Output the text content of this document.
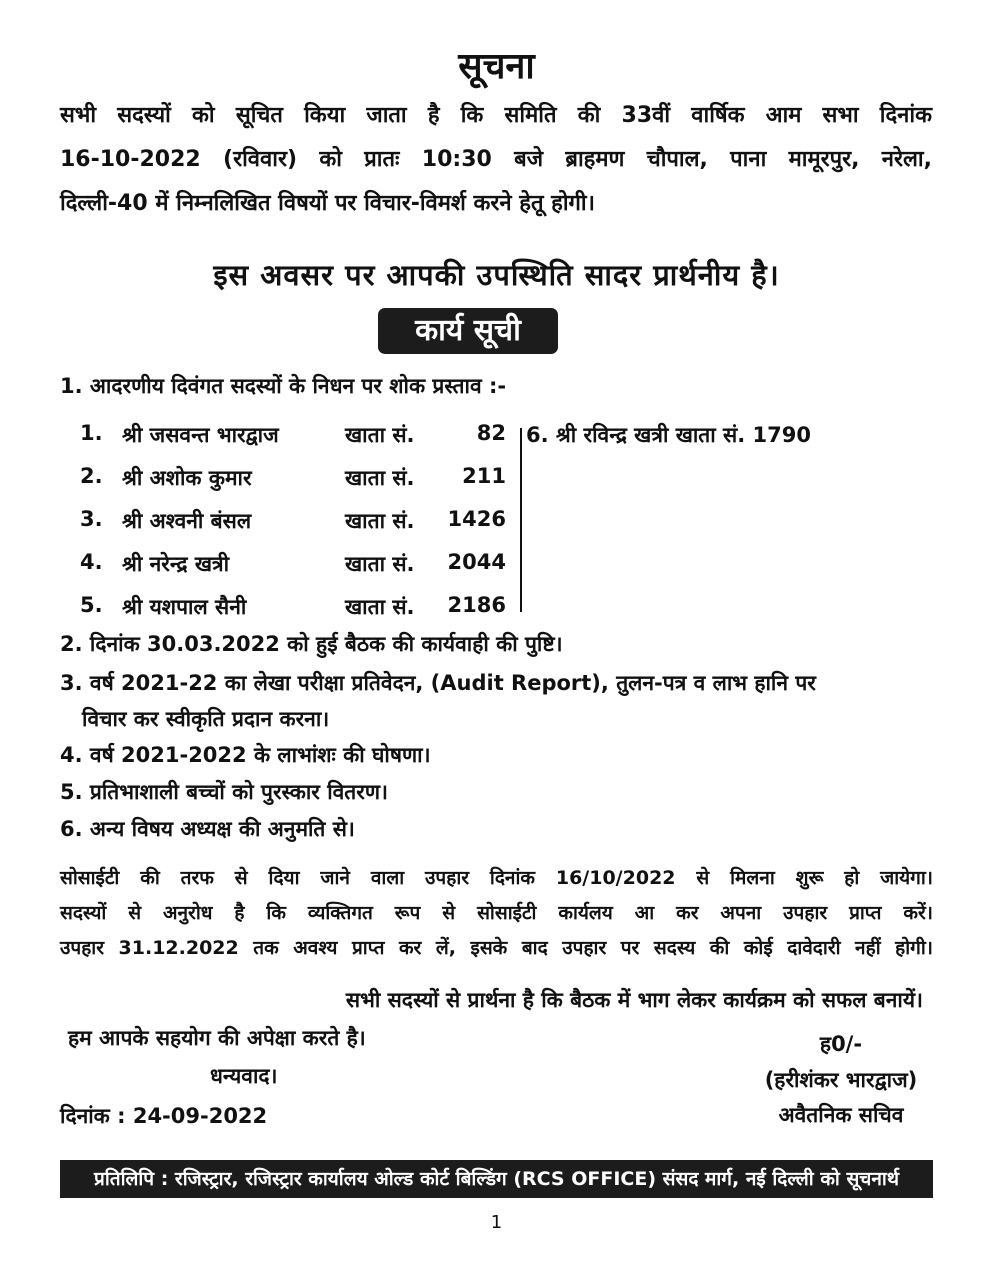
सूचना
सभी सदस्यों को सूचित किया जाता है कि समिति की 33वीं वार्षिक आम सभा दिनांक
16-10-2022 (रविवार) को प्रातः 10:30 बजे ब्राहमण चौपाल, पाना मामूरपुर, नरेला,
दिल्ली-40 में निम्नलिखित विषयों पर विचार-विमर्श करने हेतू होगी।
इस अवसर पर आपकी उपस्थिति सादर प्रार्थनीय है।
कार्य सूची
1. आदरणीय दिवंगत सदस्यों के निधन पर शोक प्रस्ताव :-
1. श्री जसवन्त भारद्वाज	खाता सं.	82
2. श्री अशोक कुमार	खाता सं.	211
3. श्री अश्वनी बंसल	खाता सं.	1426
4. श्री नरेन्द्र खत्री	खाता सं.	2044
5. श्री यशपाल सैनी	खाता सं.	2186
6. श्री रविन्द्र खत्री खाता सं. 1790
2. दिनांक 30.03.2022 को हुई बैठक की कार्यवाही की पुष्टि।
3. वर्ष 2021-22 का लेखा परीक्षा प्रतिवेदन, (Audit Report), तुलन-पत्र व लाभ हानि पर
विचार कर स्वीकृति प्रदान करना।
4. वर्ष 2021-2022 के लाभांशः की घोषणा।
5. प्रतिभाशाली बच्चों को पुरस्कार वितरण।
6. अन्य विषय अध्यक्ष की अनुमति से।
सोसाईटी की तरफ से दिया जाने वाला उपहार दिनांक 16/10/2022 से मिलना शुरू हो जायेगा।
सदस्यों से अनुरोध है कि व्यक्तिगत रूप से सोसाईटी कार्यलय आ कर अपना उपहार प्राप्त करें।
उपहार 31.12.2022 तक अवश्य प्राप्त कर लें, इसके बाद उपहार पर सदस्य की कोई दावेदारी नहीं होगी।
सभी सदस्यों से प्रार्थना है कि बैठक में भाग लेकर कार्यक्रम को सफल बनायें।
हम आपके सहयोग की अपेक्षा करते है।
धन्यवाद।
दिनांक : 24-09-2022
ह0/-
(हरीशंकर भारद्वाज)
अवैतनिक सचिव
प्रतिलिपि : रजिस्ट्रार, रजिस्ट्रार कार्यालय ओल्ड कोर्ट बिल्डिंग (RCS OFFICE) संसद मार्ग, नई दिल्ली को सूचनार्थ
1
